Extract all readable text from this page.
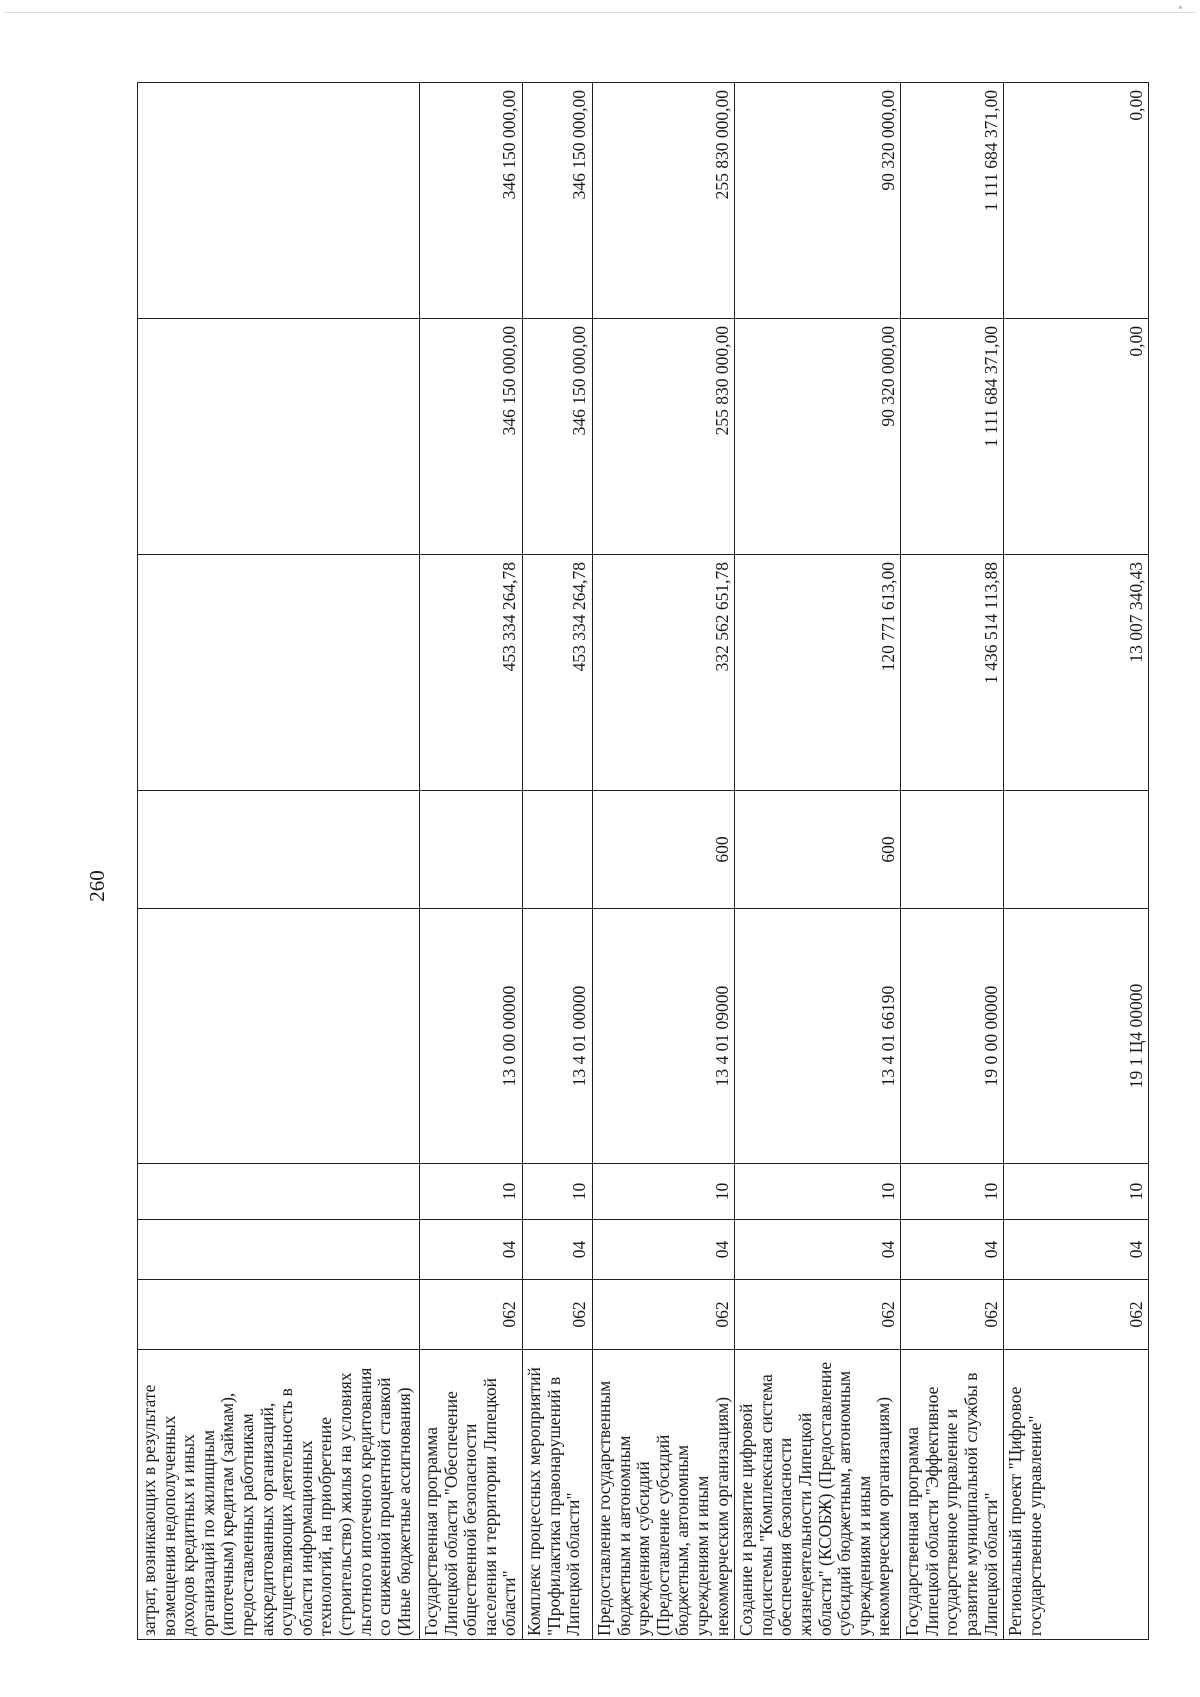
260
затрат, возникающих в результате возмещения недополученных доходов кредитных и иных организаций по жилищным (ипотечным) кредитам (займам), предоставленных работникам аккредитованных организаций, осуществляющих деятельность в области информационных технологий, на приобретение (строительство) жилья на условиях льготного ипотечного кредитования со сниженной процентной ставкой (Иные бюджетные ассигнования)								
Государственная программа Липецкой области "Обеспечение общественной безопасности населения и территории Липецкой области"	062	04	10	13 0 00 00000		453 334 264,78	346 150 000,00	346 150 000,00
Комплекс процессных мероприятий "Профилактика правонарушений в Липецкой области"	062	04	10	13 4 01 00000		453 334 264,78	346 150 000,00	346 150 000,00
Предоставление государственным бюджетным и автономным учреждениям субсидий (Предоставление субсидий бюджетным, автономным учреждениям и иным некоммерческим организациям)	062	04	10	13 4 01 09000	600	332 562 651,78	255 830 000,00	255 830 000,00
Создание и развитие цифровой подсистемы "Комплексная система обеспечения безопасности жизнедеятельности Липецкой области" (КСОБЖ) (Предоставление субсидий бюджетным, автономным учреждениям и иным некоммерческим организациям)	062	04	10	13 4 01 66190	600	120 771 613,00	90 320 000,00	90 320 000,00
Государственная программа Липецкой области "Эффективное государственное управление и развитие муниципальной службы в Липецкой области"	062	04	10	19 0 00 00000		1 436 514 113,88	1 111 684 371,00	1 111 684 371,00
Региональный проект "Цифровое государственное управление"	062	04	10	19 1 Ц4 00000		13 007 340,43	0,00	0,00
